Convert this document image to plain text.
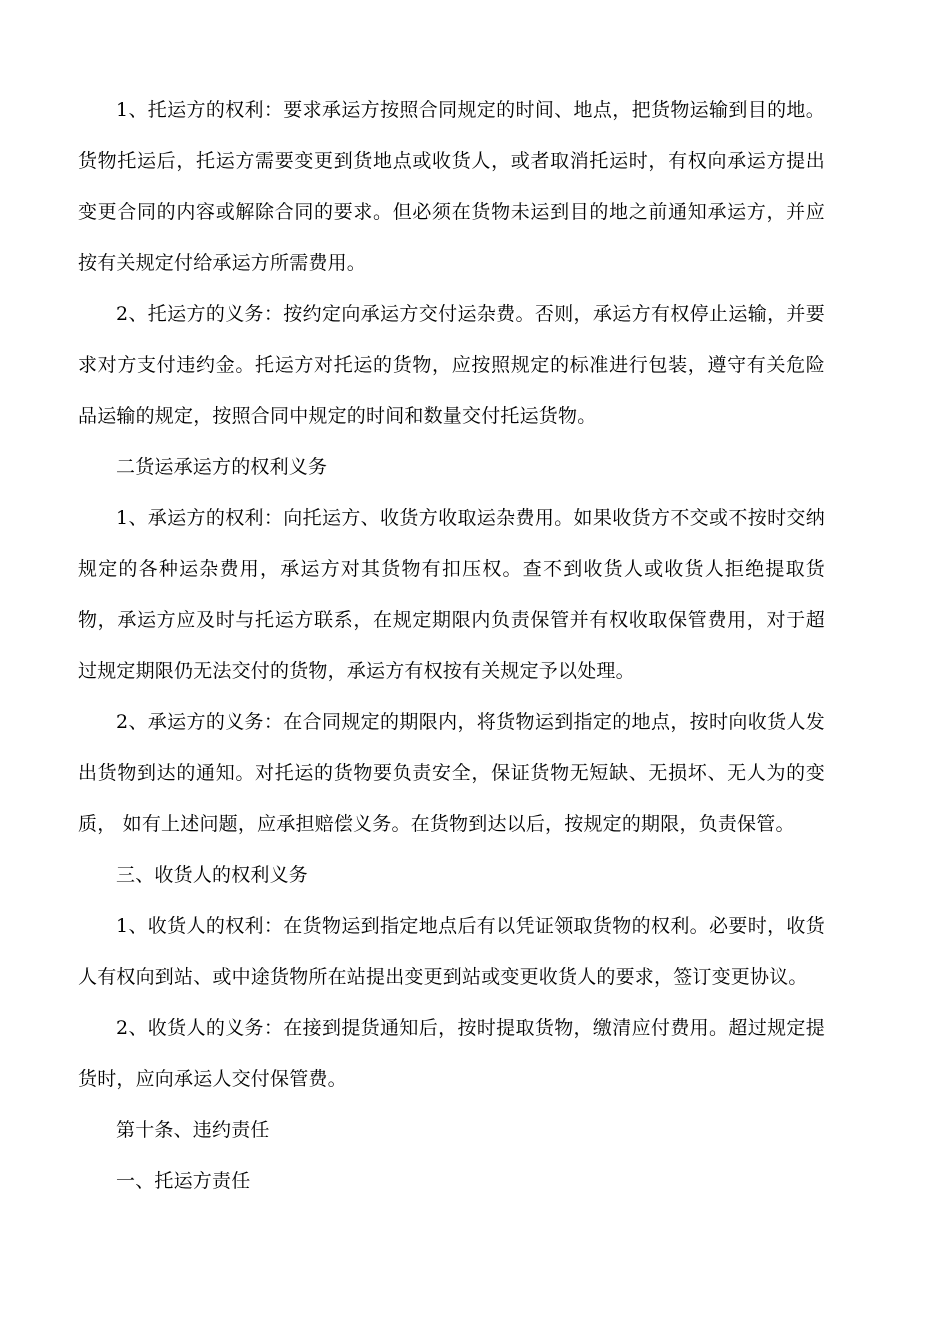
1、托运方的权利：要求承运方按照合同规定的时间、地点，把货物运输到目的地。货物托运后，托运方需要变更到货地点或收货人，或者取消托运时，有权向承运方提出变更合同的内容或解除合同的要求。但必须在货物未运到目的地之前通知承运方，并应按有关规定付给承运方所需费用。

2、托运方的义务：按约定向承运方交付运杂费。否则，承运方有权停止运输，并要求对方支付违约金。托运方对托运的货物，应按照规定的标准进行包装，遵守有关危险品运输的规定，按照合同中规定的时间和数量交付托运货物。

二货运承运方的权利义务

1、承运方的权利：向托运方、收货方收取运杂费用。如果收货方不交或不按时交纳规定的各种运杂费用，承运方对其货物有扣压权。查不到收货人或收货人拒绝提取货物，承运方应及时与托运方联系，在规定期限内负责保管并有权收取保管费用，对于超过规定期限仍无法交付的货物，承运方有权按有关规定予以处理。

2、承运方的义务：在合同规定的期限内，将货物运到指定的地点，按时向收货人发出货物到达的通知。对托运的货物要负责安全，保证货物无短缺、无损坏、无人为的变质， 如有上述问题，应承担赔偿义务。在货物到达以后，按规定的期限，负责保管。

三、收货人的权利义务

1、收货人的权利：在货物运到指定地点后有以凭证领取货物的权利。必要时，收货人有权向到站、或中途货物所在站提出变更到站或变更收货人的要求，签订变更协议。

2、收货人的义务：在接到提货通知后，按时提取货物，缴清应付费用。超过规定提货时，应向承运人交付保管费。

第十条、违约责任

一、托运方责任
